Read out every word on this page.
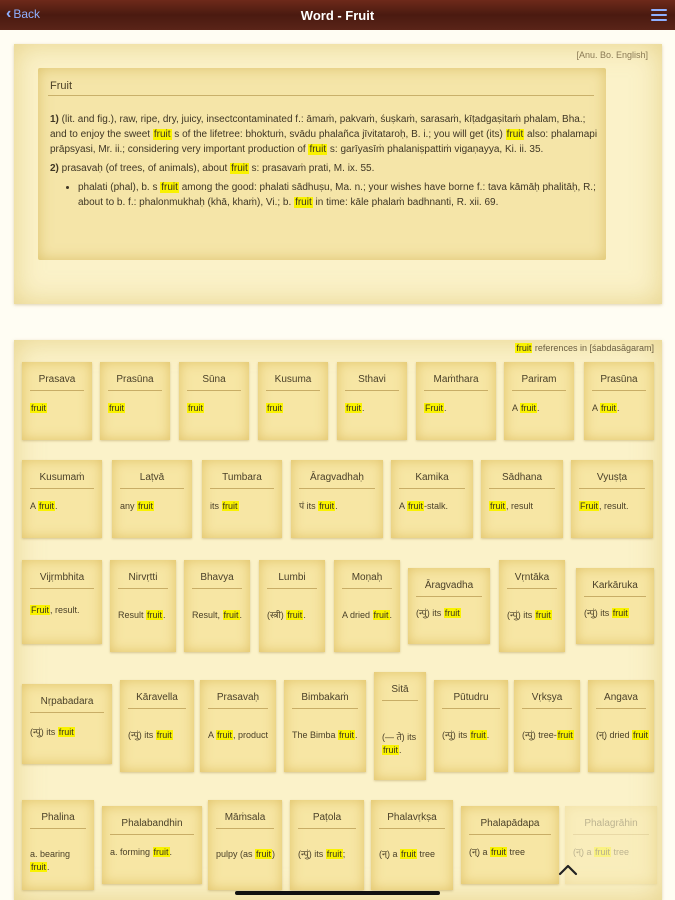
‹ Back	Word - Fruit
[Anu. Bo. English]
Fruit

1) (lit. and fig.), raw, ripe, dry, juicy, insectcontaminated f.: āmaṁ, pakvaṁ, śuṣkaṁ, sarasaṁ, kīṭadgaṣitaṁ phalam, Bha.; and to enjoy the sweet fruit s of the lifetree: bhoktuṁ, svādu phalañca jīvitataroḥ, B. i.; you will get (its) fruit also: phalamapi prāpsyasi, Mr. ii.; considering very important production of fruit s: garīyasīṁ phalaniṣpattiṁ vigaṇayya, Ki. ii. 35.

2) prasavaḥ (of trees, of animals), about fruit s: prasavaṁ prati, M. ix. 55.

• phalati (phal), b. s fruit among the good: phalati sādhuṣu, Ma. n.; your wishes have borne f.: tava kāmāḥ phalitāḥ, R.; about to b. f.: phalonmukhaḥ (khā, khaṁ), Vi.; b. fruit in time: kāle phalaṁ badhnanti, R. xii. 69.
fruit references in [śabdasāgaram]
Prasava
fruit
Prasūna
fruit
Sūna
fruit
Kusuma
fruit
Sthavi
fruit.
Maṁthara
Fruit.
Pariram
A fruit.
Prasūna
A fruit.
Kusumaṁ
A fruit.
Laṭvā
any fruit
Tumbara
its fruit
Āragvadhaḥ
पं its fruit.
Kamika
A fruit-stalk.
Sādhana
fruit, result
Vyuṣṭa
Fruit, result.
Vijṛmbhita
Fruit, result.
Nirvṛtti
Result fruit.
Bhavya
Result, fruit.
Lumbi
(स्त्री) fruit.
Moṇaḥ
A dried fruit.
Āragvadha
(न्पुं) its fruit
Vṛntāka
(न्पुं) its fruit
Karkāruka
(न्पुं) its fruit
Nṛpabadara
(न्पुं) its fruit
Kāravella
(न्पुं) its fruit
Prasavaḥ
A fruit, product
Bimbakaṁ
The Bimba fruit.
Sitā
(— ते) its fruit.
Pūtudru
(न्पुं) its fruit.
Vṛkṣya
(न्पुं) tree-fruit
Angava
(न्) dried fruit
Phalina
a. bearing fruit.
Phalabandhin
a. forming fruit.
Māṁsala
pulpy (as fruit)
Paṭola
(न्पुं) its fruit;
Phalavṛkṣa
(न्) a fruit tree
Phalapādapa
(न्) a fruit tree
Phalagrāhin
(न्) a fruit tree
